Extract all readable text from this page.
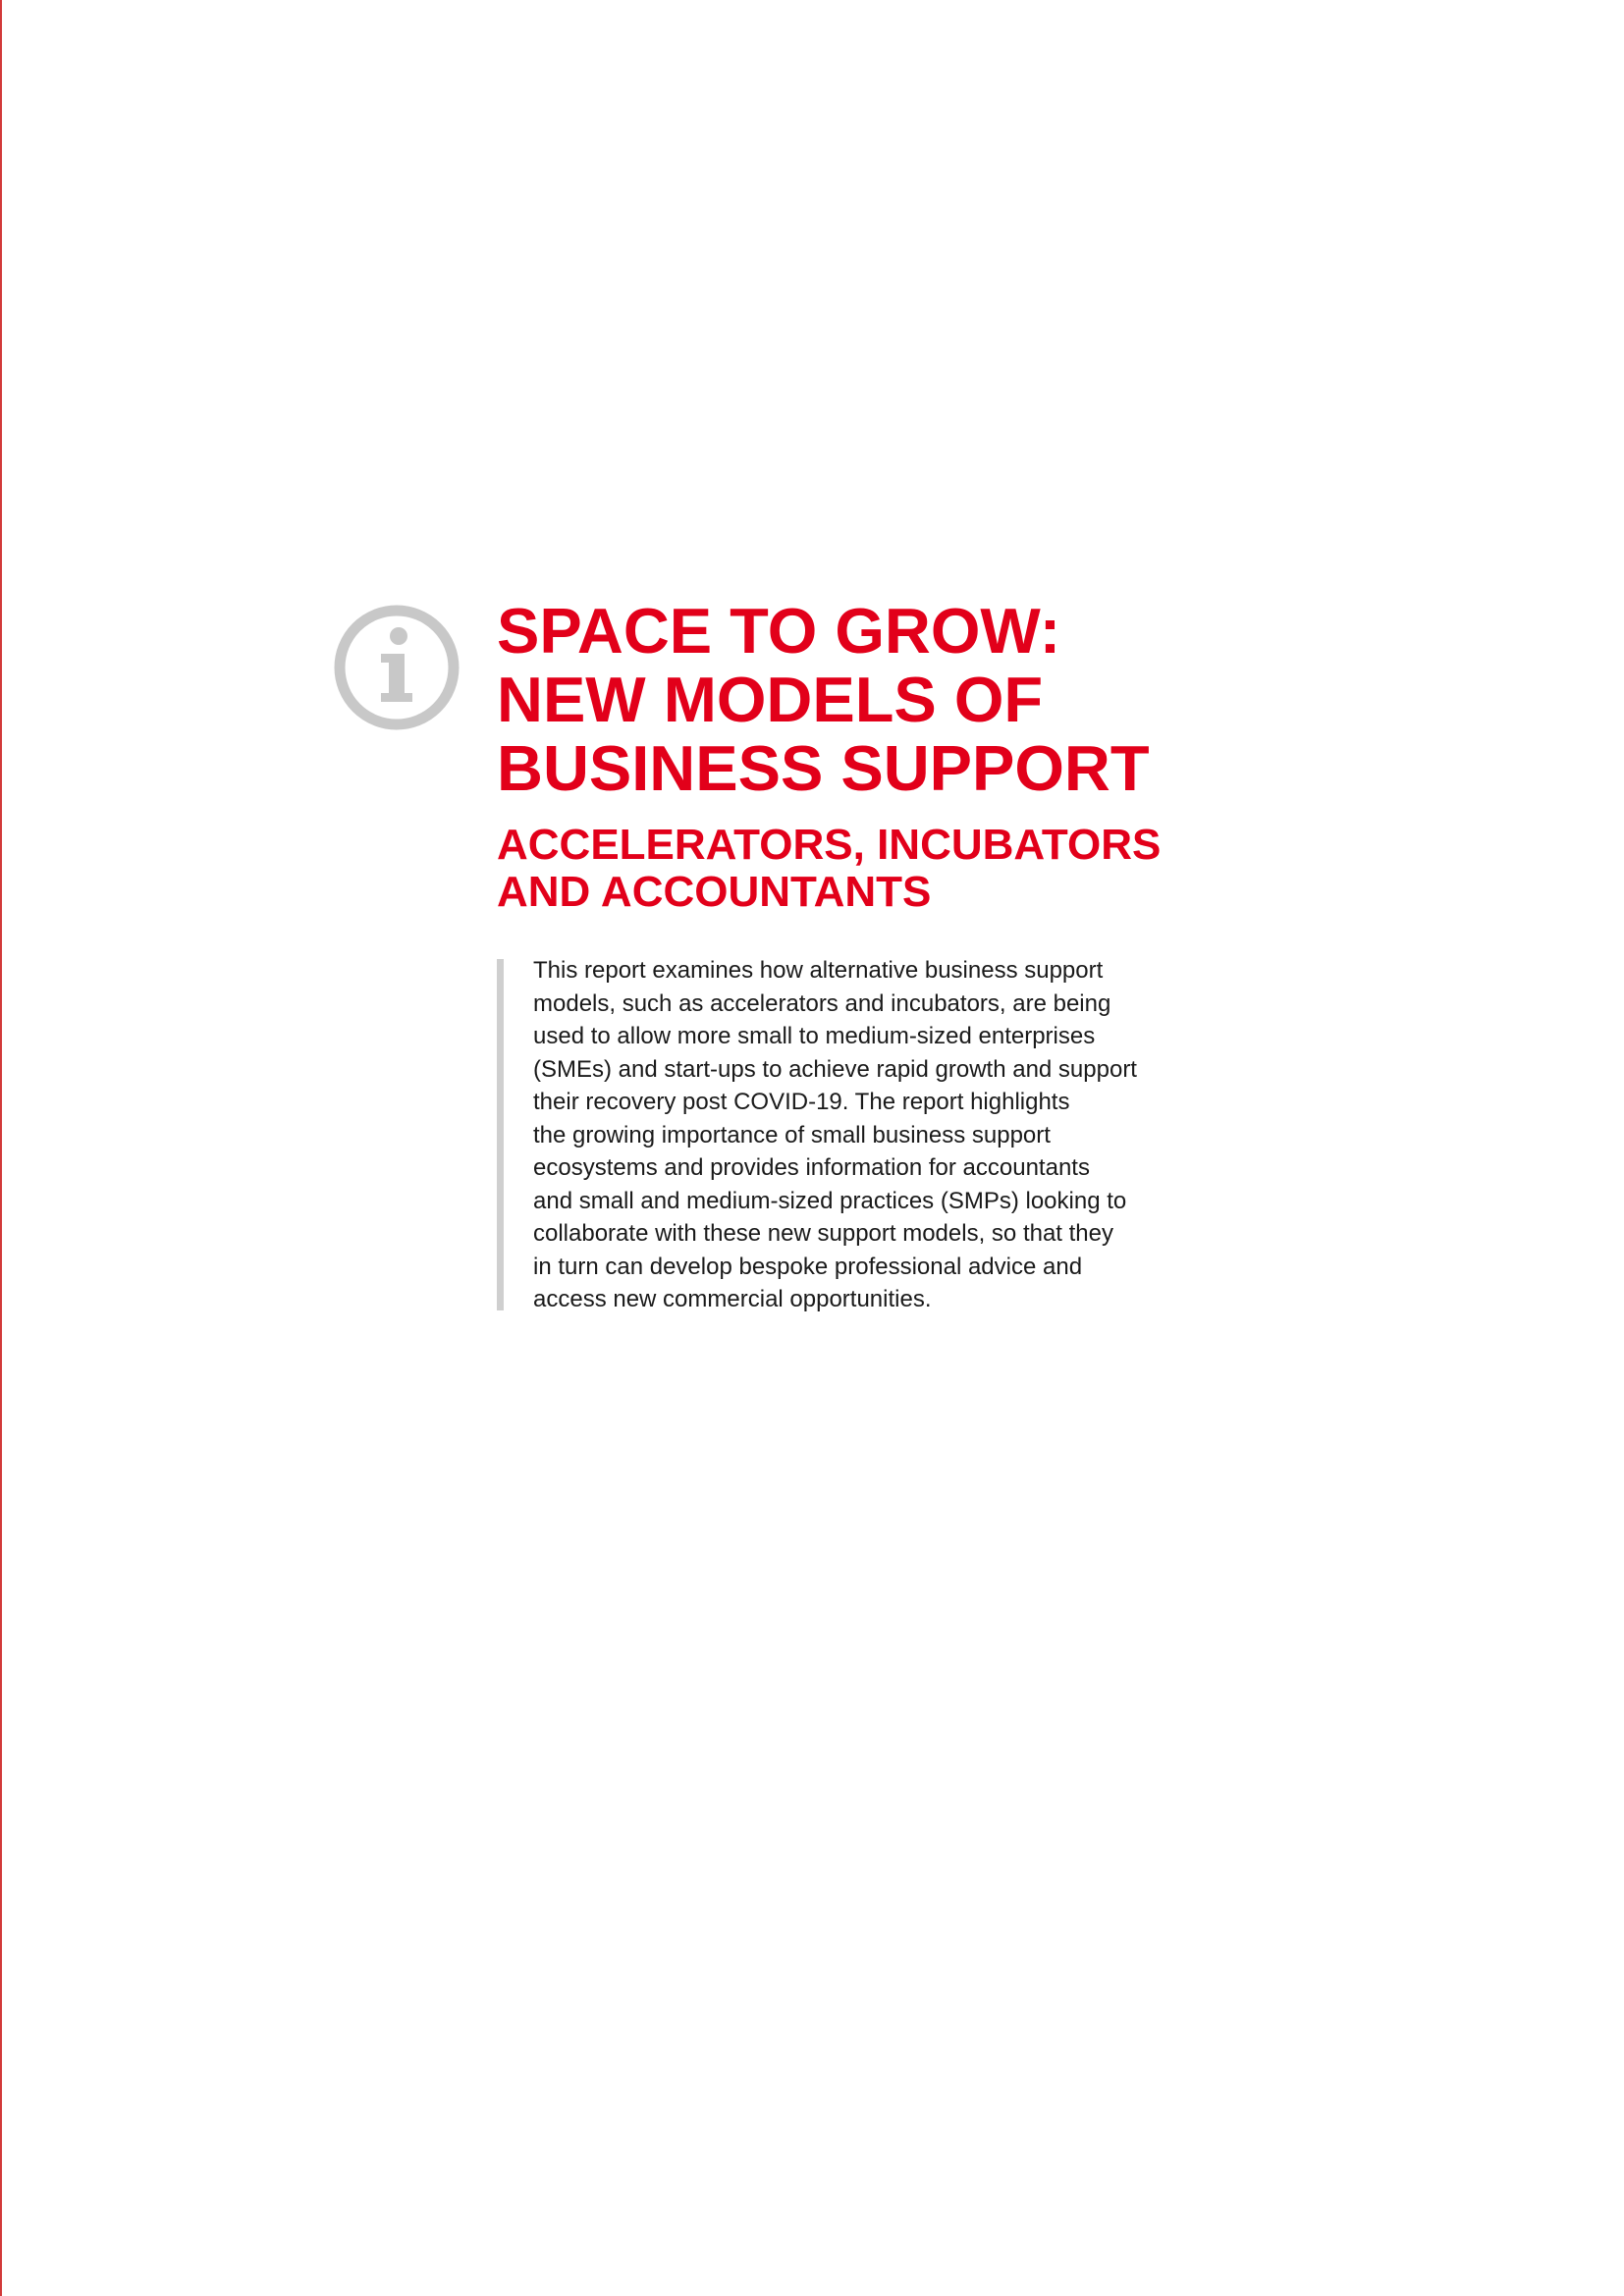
SPACE TO GROW:
NEW MODELS OF
BUSINESS SUPPORT
ACCELERATORS, INCUBATORS
AND ACCOUNTANTS
This report examines how alternative business support
models, such as accelerators and incubators, are being
used to allow more small to medium-sized enterprises
(SMEs) and start-ups to achieve rapid growth and support
their recovery post COVID-19. The report highlights
the growing importance of small business support
ecosystems and provides information for accountants
and small and medium-sized practices (SMPs) looking to
collaborate with these new support models, so that they
in turn can develop bespoke professional advice and
access new commercial opportunities.
